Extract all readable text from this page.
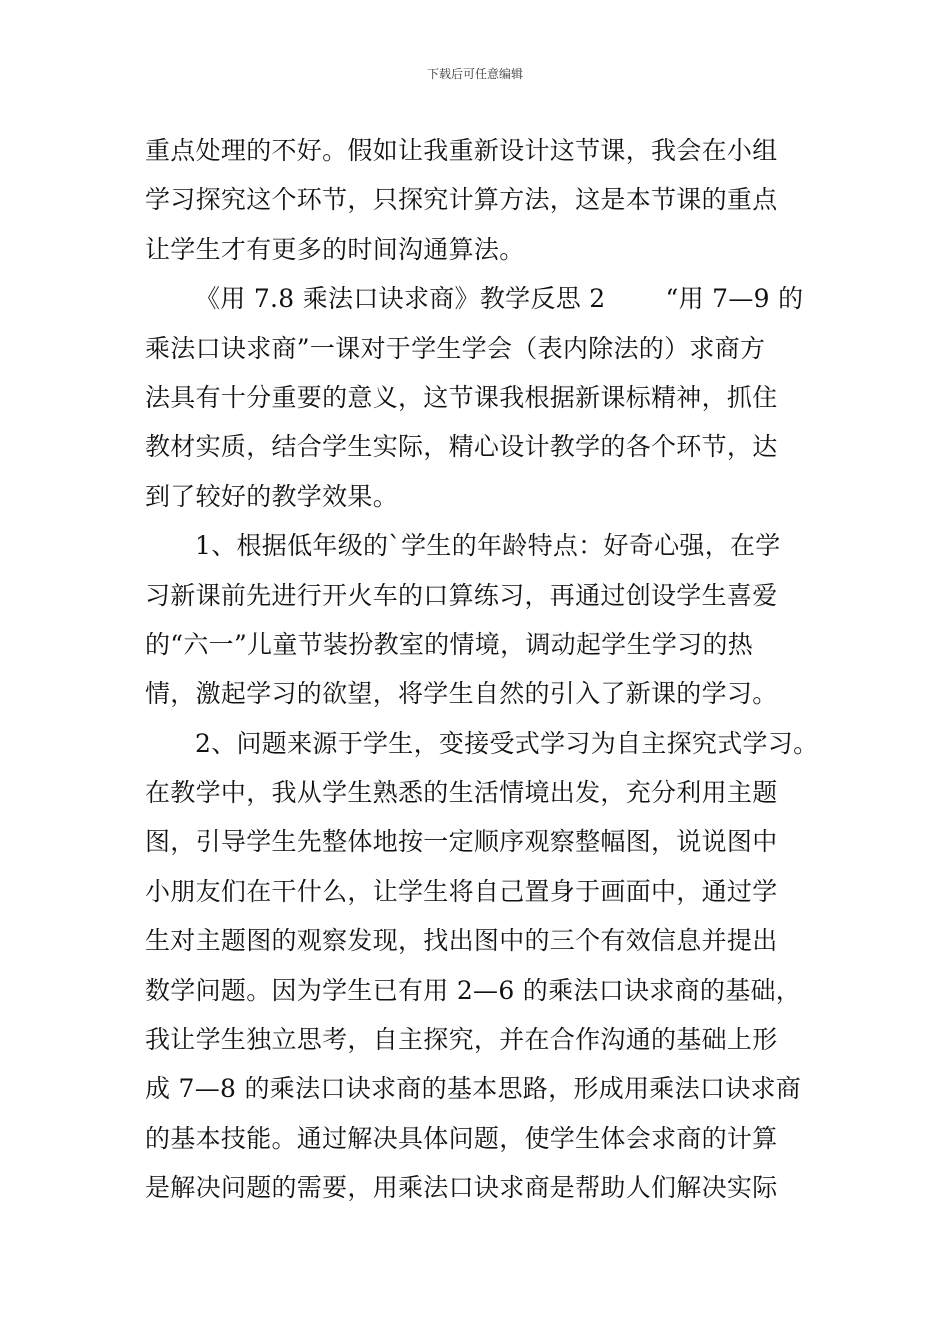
下载后可任意编辑
重点处理的不好。假如让我重新设计这节课，我会在小组
学习探究这个环节，只探究计算方法，这是本节课的重点
让学生才有更多的时间沟通算法。
《用 7.8 乘法口诀求商》教学反思 2 “用 7—9 的
乘法口诀求商”一课对于学生学会（表内除法的）求商方
法具有十分重要的意义，这节课我根据新课标精神，抓住
教材实质，结合学生实际，精心设计教学的各个环节，达
到了较好的教学效果。
1、根据低年级的`学生的年龄特点：好奇心强，在学
习新课前先进行开火车的口算练习，再通过创设学生喜爱
的“六一”儿童节装扮教室的情境，调动起学生学习的热
情，激起学习的欲望，将学生自然的引入了新课的学习。
2、问题来源于学生，变接受式学习为自主探究式学习。
在教学中，我从学生熟悉的生活情境出发，充分利用主题
图，引导学生先整体地按一定顺序观察整幅图，说说图中
小朋友们在干什么，让学生将自己置身于画面中，通过学
生对主题图的观察发现，找出图中的三个有效信息并提出
数学问题。因为学生已有用 2—6 的乘法口诀求商的基础，
我让学生独立思考，自主探究，并在合作沟通的基础上形
成 7—8 的乘法口诀求商的基本思路，形成用乘法口诀求商
的基本技能。通过解决具体问题，使学生体会求商的计算
是解决问题的需要，用乘法口诀求商是帮助人们解决实际
